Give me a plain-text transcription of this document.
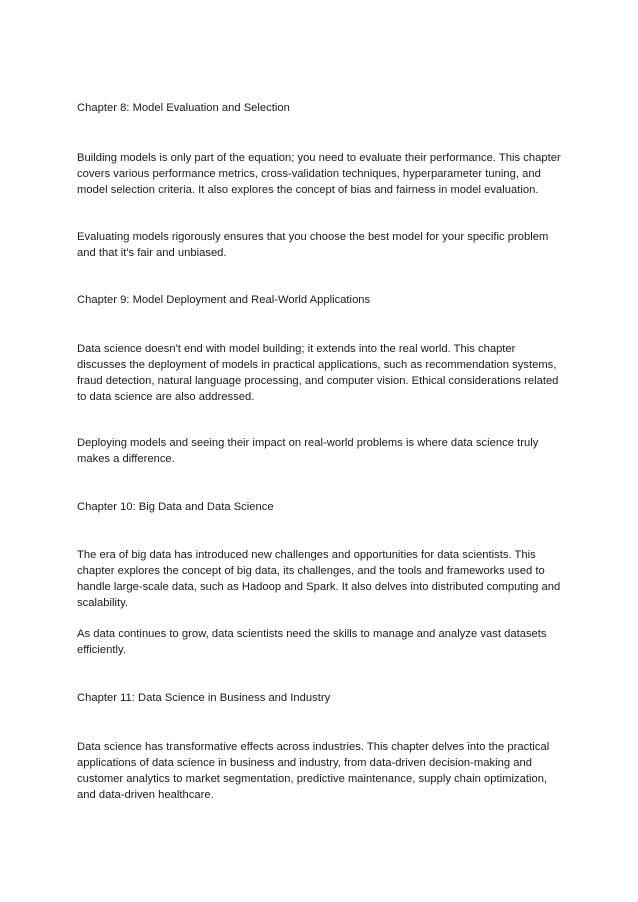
Chapter 8: Model Evaluation and Selection

Building models is only part of the equation; you need to evaluate their performance. This chapter covers various performance metrics, cross-validation techniques, hyperparameter tuning, and model selection criteria. It also explores the concept of bias and fairness in model evaluation.

Evaluating models rigorously ensures that you choose the best model for your specific problem and that it's fair and unbiased.

Chapter 9: Model Deployment and Real-World Applications

Data science doesn't end with model building; it extends into the real world. This chapter discusses the deployment of models in practical applications, such as recommendation systems, fraud detection, natural language processing, and computer vision. Ethical considerations related to data science are also addressed.

Deploying models and seeing their impact on real-world problems is where data science truly makes a difference.

Chapter 10: Big Data and Data Science

The era of big data has introduced new challenges and opportunities for data scientists. This chapter explores the concept of big data, its challenges, and the tools and frameworks used to handle large-scale data, such as Hadoop and Spark. It also delves into distributed computing and scalability.

As data continues to grow, data scientists need the skills to manage and analyze vast datasets efficiently.

Chapter 11: Data Science in Business and Industry

Data science has transformative effects across industries. This chapter delves into the practical applications of data science in business and industry, from data-driven decision-making and customer analytics to market segmentation, predictive maintenance, supply chain optimization, and data-driven healthcare.
